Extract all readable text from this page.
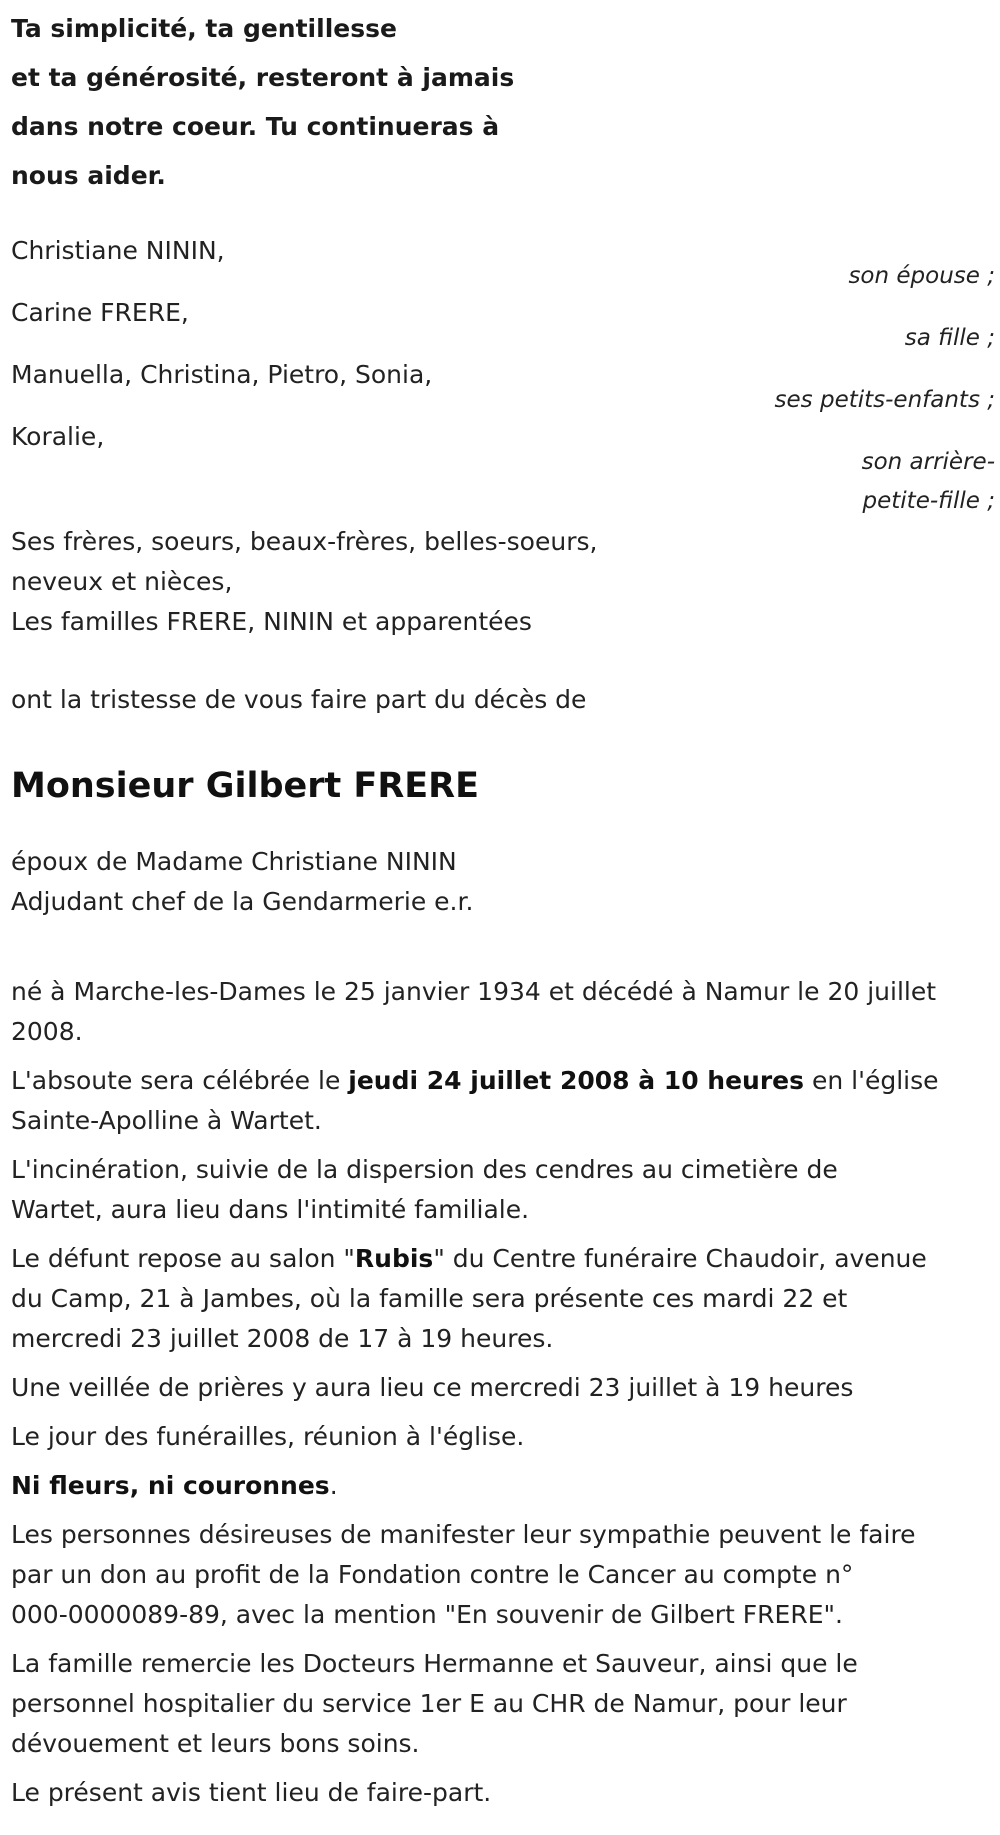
Ta simplicité, ta gentillesse
et ta générosité, resteront à jamais
dans notre coeur. Tu continueras à
nous aider.
Christiane NININ,
son épouse ;
Carine FRERE,
sa fille ;
Manuella, Christina, Pietro, Sonia,
ses petits-enfants ;
Koralie,
son arrière-
petite-fille ;
Ses frères, soeurs, beaux-frères, belles-soeurs,
neveux et nièces,
Les familles FRERE, NININ et apparentées
ont la tristesse de vous faire part du décès de
Monsieur Gilbert FRERE
époux de Madame Christiane NININ
Adjudant chef de la Gendarmerie e.r.

né à Marche-les-Dames le 25 janvier 1934 et décédé à Namur le 20 juillet
2008.

L'absoute sera célébrée le jeudi 24 juillet 2008 à 10 heures en l'église
Sainte-Apolline à Wartet.

L'incinération, suivie de la dispersion des cendres au cimetière de
Wartet, aura lieu dans l'intimité familiale.

Le défunt repose au salon "Rubis" du Centre funéraire Chaudoir, avenue
du Camp, 21 à Jambes, où la famille sera présente ces mardi 22 et
mercredi 23 juillet 2008 de 17 à 19 heures.

Une veillée de prières y aura lieu ce mercredi 23 juillet à 19 heures

Le jour des funérailles, réunion à l'église.

Ni fleurs, ni couronnes.

Les personnes désireuses de manifester leur sympathie peuvent le faire
par un don au profit de la Fondation contre le Cancer au compte n°
000-0000089-89, avec la mention "En souvenir de Gilbert FRERE".

La famille remercie les Docteurs Hermanne et Sauveur, ainsi que le
personnel hospitalier du service 1er E au CHR de Namur, pour leur
dévouement et leurs bons soins.

Le présent avis tient lieu de faire-part.
